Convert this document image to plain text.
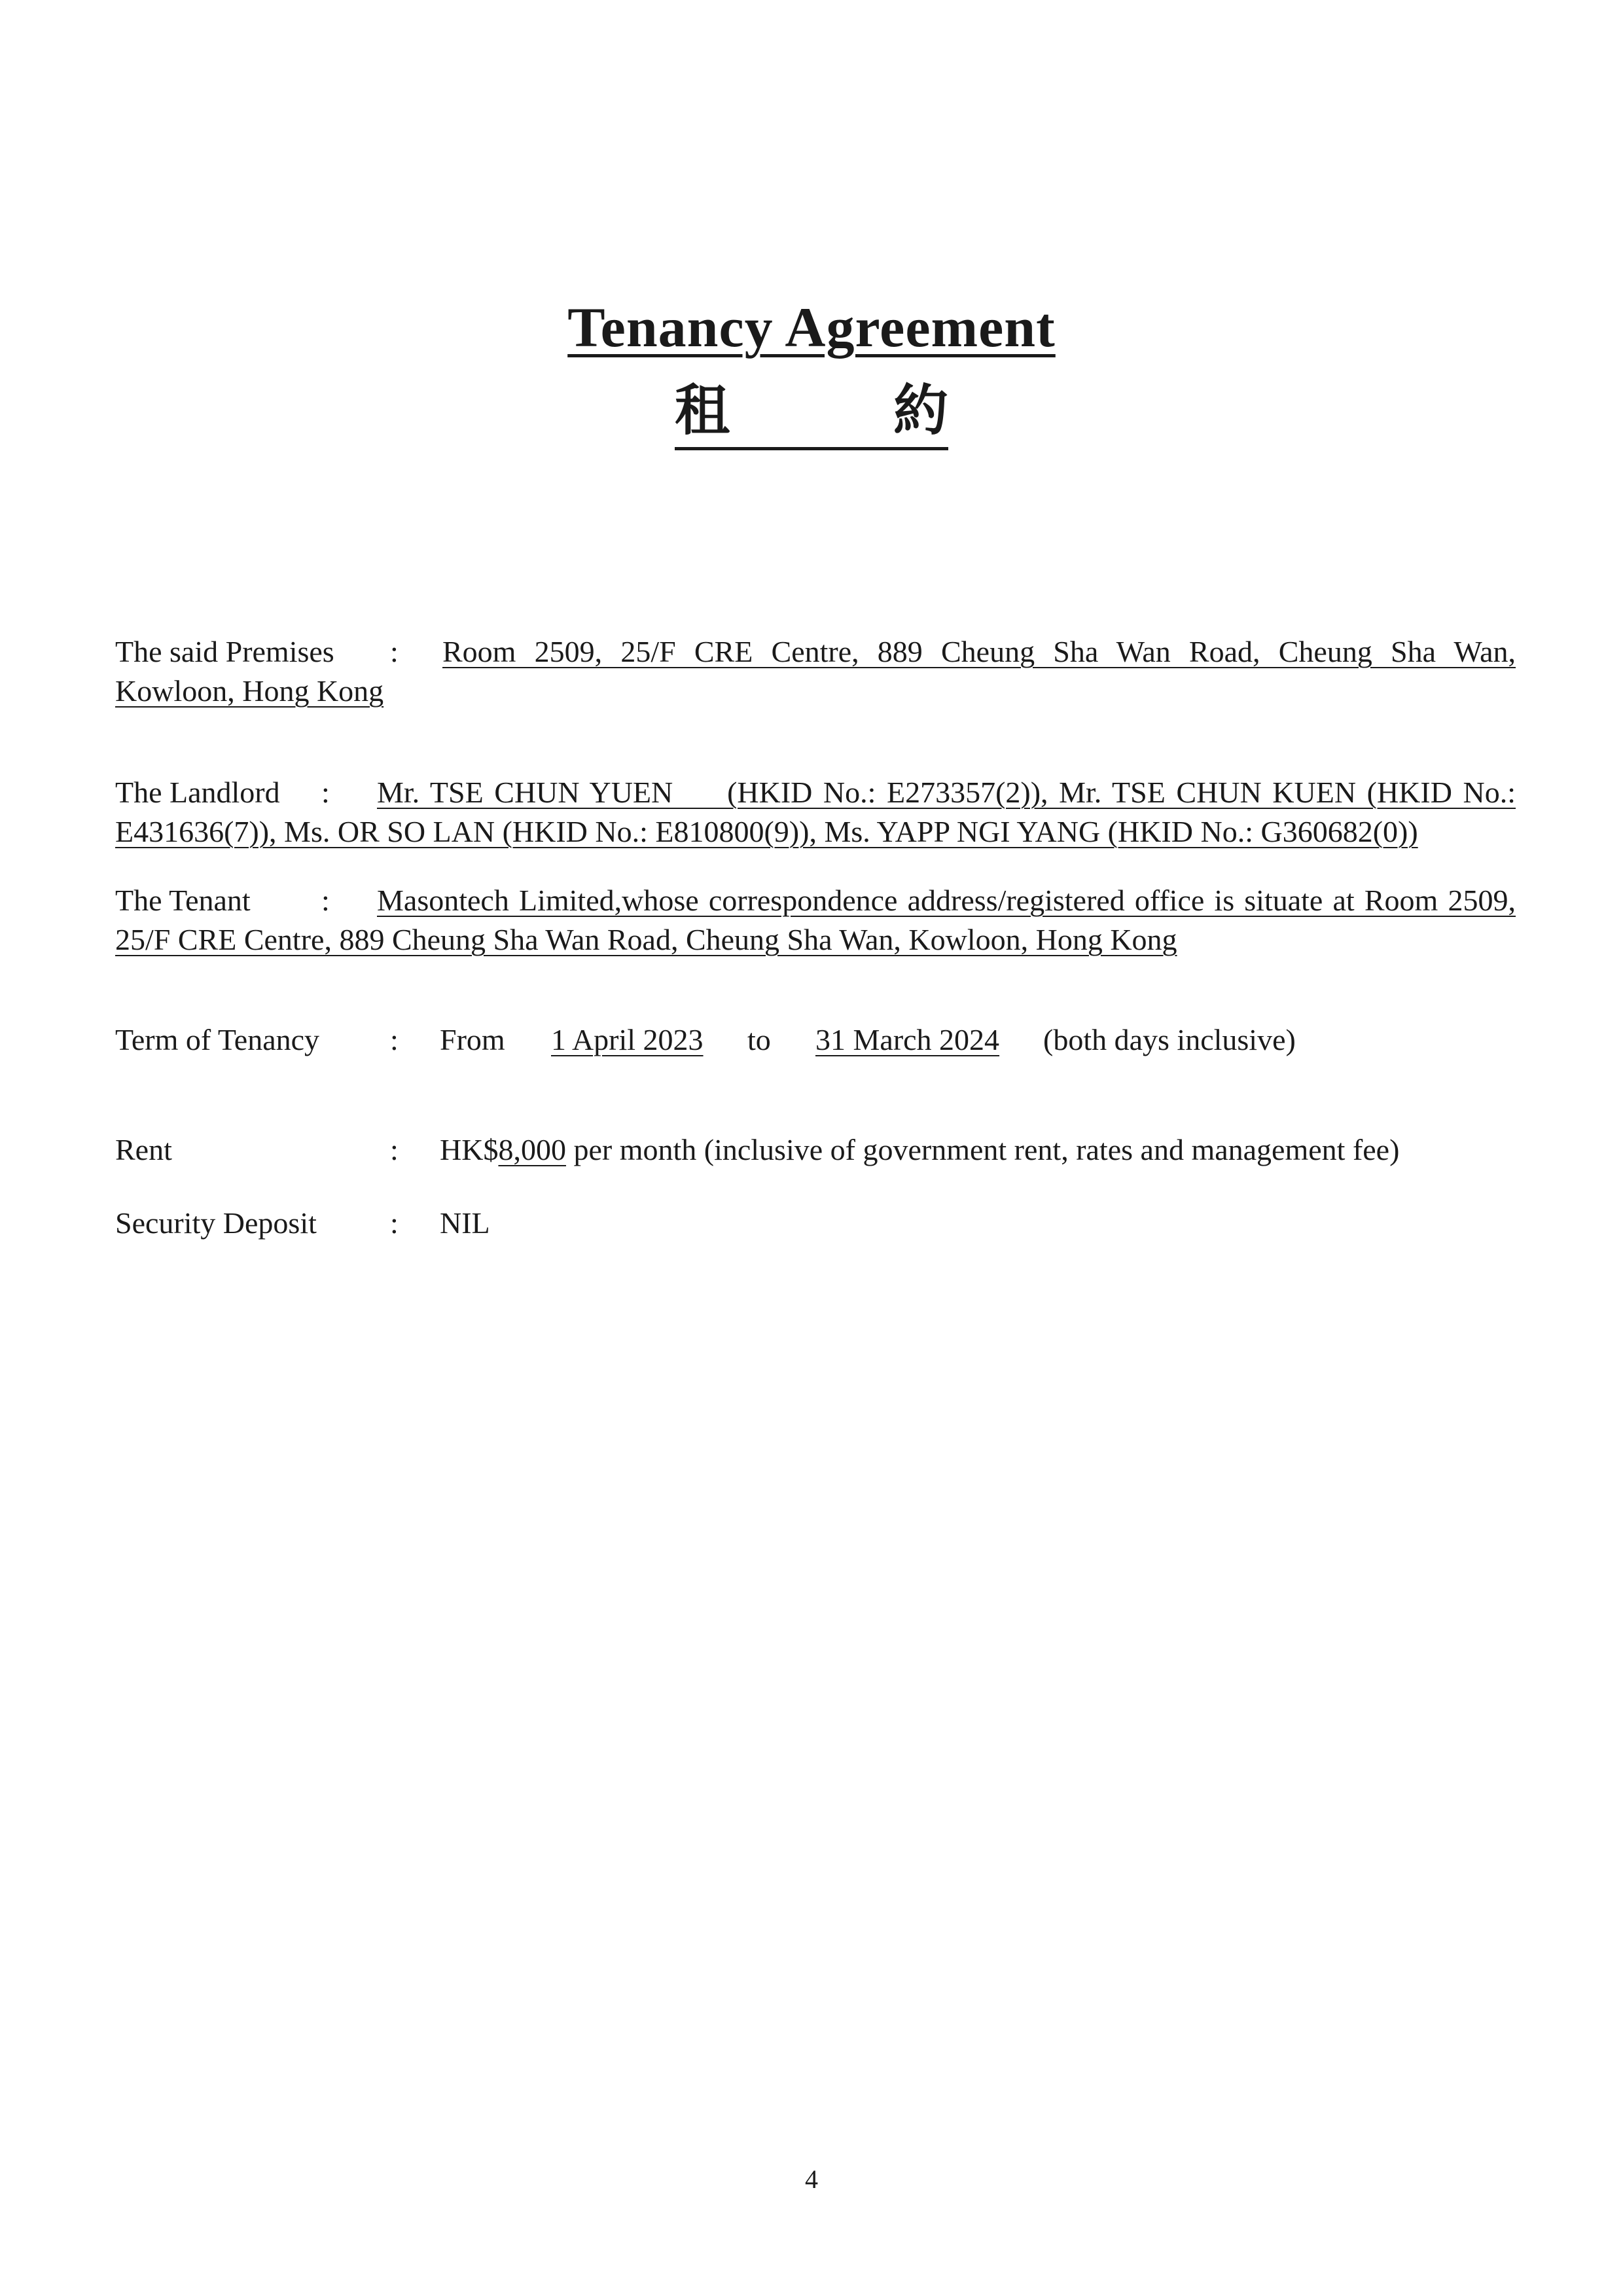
Tenancy Agreement
租	約
The said Premises : Room 2509, 25/F CRE Centre, 889 Cheung Sha Wan Road, Cheung Sha Wan,
Kowloon, Hong Kong
The Landlord : Mr. TSE CHUN YUEN     (HKID No.: E273357(2)), Mr. TSE CHUN KUEN (HKID No.:
E431636(7)), Ms. OR SO LAN (HKID No.: E810800(9)), Ms. YAPP NGI YANG (HKID No.: G360682(0))
The Tenant : Masontech Limited,whose correspondence address/registered office is situate at Room 2509,
25/F CRE Centre, 889 Cheung Sha Wan Road, Cheung Sha Wan, Kowloon, Hong Kong
Term of Tenancy : From 1 April 2023 to 31 March 2024 (both days inclusive)
Rent	: HK$8,000 per month (inclusive of government rent, rates and management fee)
Security Deposit : NIL
4
